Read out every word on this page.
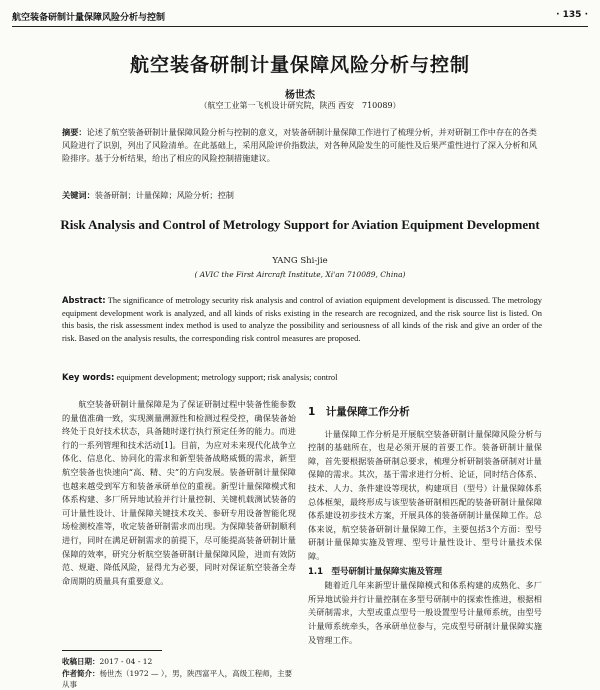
航空装备研制计量保障风险分析与控制	· 135 ·
航空装备研制计量保障风险分析与控制
杨世杰
（航空工业第一飞机设计研究院，陕西 西安　710089）
摘要：论述了航空装备研制计量保障风险分析与控制的意义，对装备研制计量保障工作进行了梳理分析，并对研制工作中存在的各类风险进行了识别，列出了风险清单。在此基础上，采用风险评价指数法，对各种风险发生的可能性及后果严重性进行了深入分析和风险排序。基于分析结果，给出了相应的风险控制措施建议。
关键词：装备研制；计量保障；风险分析；控制
Risk Analysis and Control of Metrology Support for Aviation Equipment Development
YANG Shi-jie
( AVIC the First Aircraft Institute, Xi'an 710089, China)
Abstract: The significance of metrology security risk analysis and control of aviation equipment development is discussed. The metrology equipment development work is analyzed, and all kinds of risks existing in the research are recognized, and the risk source list is listed. On this basis, the risk assessment index method is used to analyze the possibility and seriousness of all kinds of the risk and give an order of the risk. Based on the analysis results, the corresponding risk control measures are proposed.
Key words: equipment development; metrology support; risk analysis; control
航空装备研制计量保障是为了保证研制过程中装备性能参数的量值准确一致，实现测量溯源性和检测过程受控，确保装备始终处于良好技术状态，具备随时遂行执行预定任务的能力。而进行的一系列管理和技术活动[1]。目前，为应对未来现代化战争立体化、信息化、协同化的需求和新型装备战略威慑的需求，新型航空装备也快速向“高、精、尖”的方向发展。装备研制计量保障也越来越受到军方和装备承研单位的重视。新型计量保障模式和体系构建、多厂所异地试验并行计量控制、关键机载测试装备的可计量性设计、计量保障关键技术攻关、参研专用设备智能化现场检测校准等，收定装备研制需求而出现。为保障装备研制顺利进行，同时在满足研制需求的前提下，尽可能提高装备研制计量保障的效率，研究分析航空装备研制计量保障风险，进而有效防范、规避、降低风险，显得尤为必要，同时对保证航空装备全寿命周期的质量具有重要意义。
1　计量保障工作分析

计量保障工作分析是开展航空装备研制计量保障风险分析与控制的基础所在，也是必须开展的首要工作。装备研制计量保障，首先要根据装备研制总要求，梳理分析研制装备研制对计量保障的需求。其次，基于需求进行分析、论证，同时结合体系、技术、人力、条件建设等现状，构建项目（型号）计量保障体系总体框架，最终形成与该型装备研制相匹配的装备研制计量保障体系建设初步技术方案，开展具体的装备研制计量保障工作。总体来说，航空装备研制计量保障工作，主要包括3个方面：型号研制计量保障实施及管理、型号计量性设计、型号计量技术保障。

1.1　型号研制计量保障实施及管理

随着近几年来新型计量保障模式和体系构建的成熟化、多厂所异地试验并行计量控制在多型号研制中的探索性推进，根据相关研制需求，大型或重点型号一般设置型号计量师系统，由型号计量师系统牵头，各承研单位参与，完成型号研制计量保障实施及管理工作。

收稿日期：2017 - 04 - 12
作者简介：杨世杰（1972 — ），男，陕西富平人，高级工程师，主要从事
